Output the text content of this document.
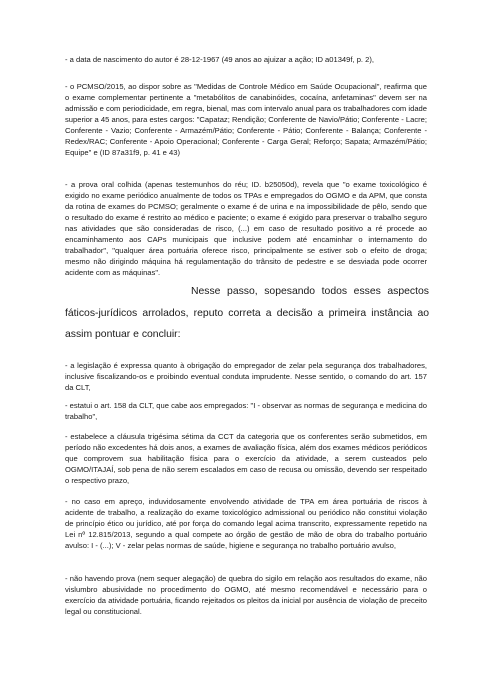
- a data de nascimento do autor é 28-12-1967 (49 anos ao ajuizar a ação; ID a01349f, p. 2),

- o PCMSO/2015, ao dispor sobre as "Medidas de Controle Médico em Saúde Ocupacional", reafirma que o exame complementar pertinente a "metabólitos de canabinóides, cocaína, anfetaminas" devem ser na admissão e com periodicidade, em regra, bienal, mas com intervalo anual para os trabalhadores com idade superior a 45 anos, para estes cargos: "Capataz; Rendição; Conferente de Navio/Pátio; Conferente - Lacre; Conferente - Vazio; Conferente - Armazém/Pátio; Conferente - Pátio; Conferente - Balança; Conferente - Redex/RAC; Conferente - Apoio Operacional; Conferente - Carga Geral; Reforço; Sapata; Armazém/Pátio; Equipe" e (ID 87a31f9, p. 41 e 43)

- a prova oral colhida (apenas testemunhos do réu; ID. b25050d), revela que "o exame toxicológico é exigido no exame periódico anualmente de todos os TPAs e empregados do OGMO e da APM, que consta da rotina de exames do PCMSO; geralmente o exame é de urina e na impossibilidade de pêlo, sendo que o resultado do exame é restrito ao médico e paciente; o exame é exigido para preservar o trabalho seguro nas atividades que são consideradas de risco, (...) em caso de resultado positivo a ré procede ao encaminhamento aos CAPs municipais que inclusive podem até encaminhar o internamento do trabalhador", "qualquer área portuária oferece risco, principalmente se estiver sob o efeito de droga; mesmo não dirigindo máquina há regulamentação do trânsito de pedestre e se desviada pode ocorrer acidente com as máquinas".

Nesse passo, sopesando todos esses aspectos fáticos-jurídicos arrolados, reputo correta a decisão a primeira instância ao assim pontuar e concluir:

- a legislação é expressa quanto à obrigação do empregador de zelar pela segurança dos trabalhadores, inclusive fiscalizando-os e proibindo eventual conduta imprudente. Nesse sentido, o comando do art. 157 da CLT,

- estatui o art. 158 da CLT, que cabe aos empregados: "I - observar as normas de segurança e medicina do trabalho",

- estabelece a cláusula trigésima sétima da CCT da categoria que os conferentes serão submetidos, em período não excedentes há dois anos, a exames de avaliação física, além dos exames médicos periódicos que comprovem sua habilitação física para o exercício da atividade, a serem custeados pelo OGMO/ITAJAÍ, sob pena de não serem escalados em caso de recusa ou omissão, devendo ser respeitado o respectivo prazo,

- no caso em apreço, induvidosamente envolvendo atividade de TPA em área portuária de riscos à acidente de trabalho, a realização do exame toxicológico admissional ou periódico não constitui violação de princípio ético ou jurídico, até por força do comando legal acima transcrito, expressamente repetido na Lei nº 12.815/2013, segundo a qual compete ao órgão de gestão de mão de obra do trabalho portuário avulso: I - (...); V - zelar pelas normas de saúde, higiene e segurança no trabalho portuário avulso,

- não havendo prova (nem sequer alegação) de quebra do sigilo em relação aos resultados do exame, não vislumbro abusividade no procedimento do OGMO, até mesmo recomendável e necessário para o exercício da atividade portuária, ficando rejeitados os pleitos da inicial por ausência de violação de preceito legal ou constitucional.
